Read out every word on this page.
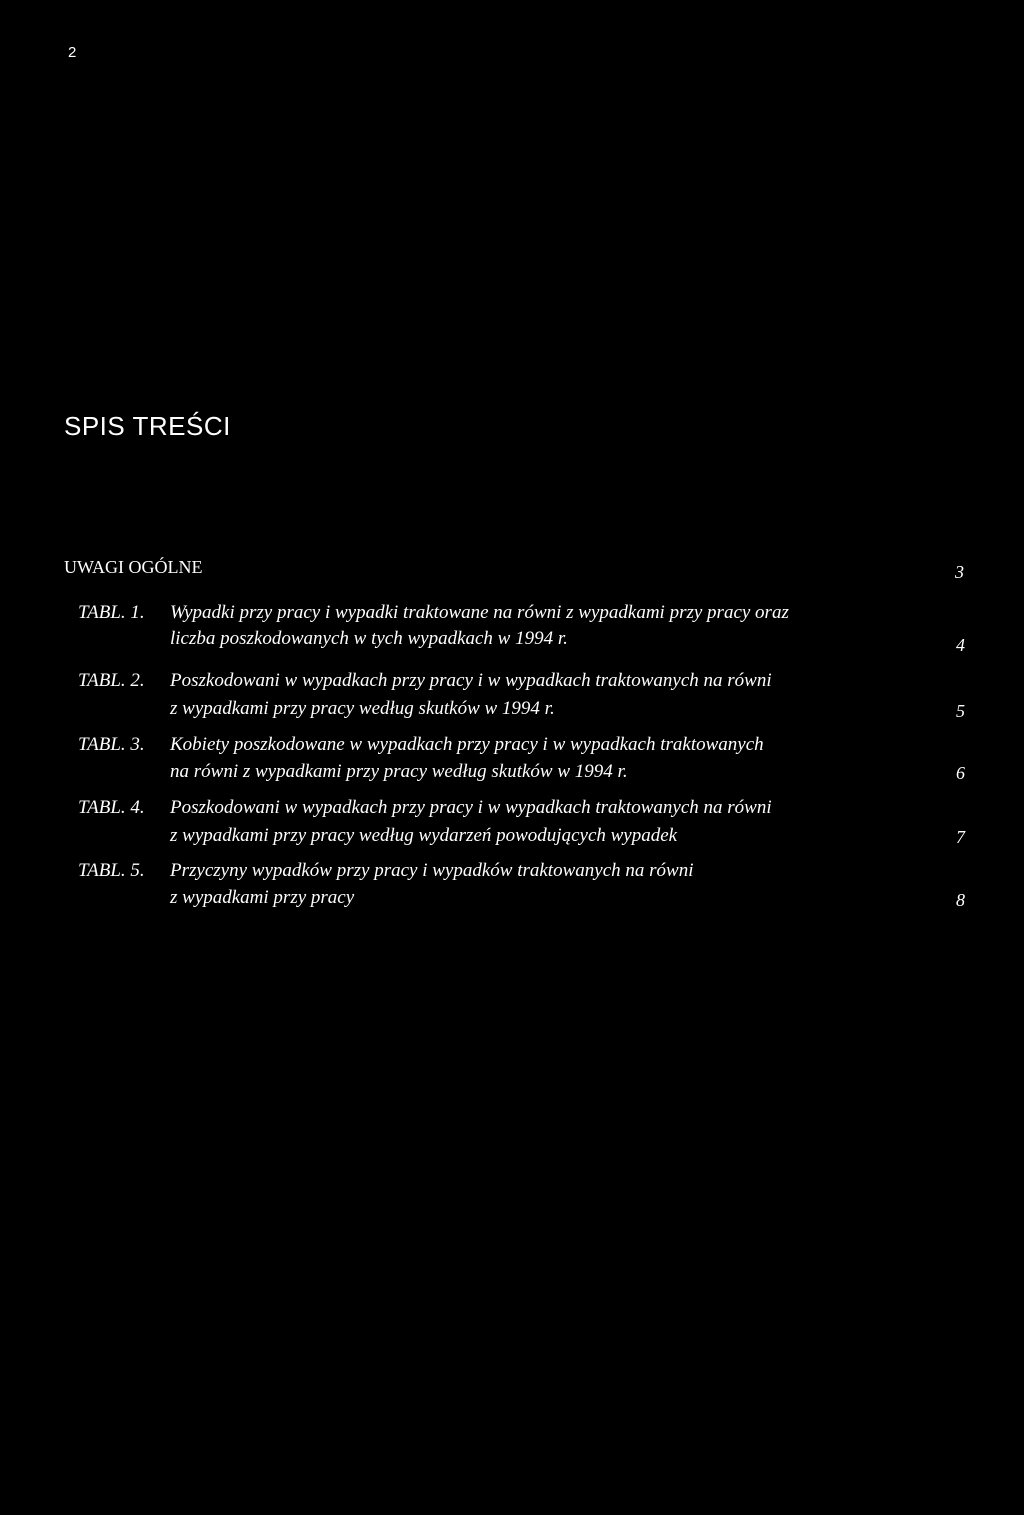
2
SPIS TREŚCI
UWAGI OGÓLNE	3
TABL. 1. Wypadki przy pracy i wypadki traktowane na równi z wypadkami przy pracy oraz
liczba poszkodowanych w tych wypadkach w 1994 r.	4
TABL. 2. Poszkodowani w wypadkach przy pracy i w wypadkach traktowanych na równi
z wypadkami przy pracy według skutków w 1994 r.	5
TABL. 3. Kobiety poszkodowane w wypadkach przy pracy i w wypadkach traktowanych
na równi z wypadkami przy pracy według skutków w 1994 r.	6
TABL. 4. Poszkodowani w wypadkach przy pracy i w wypadkach traktowanych na równi
z wypadkami przy pracy według wydarzeń powodujących wypadek	7
TABL. 5. Przyczyny wypadków przy pracy i wypadków traktowanych na równi
z wypadkami przy pracy	8
